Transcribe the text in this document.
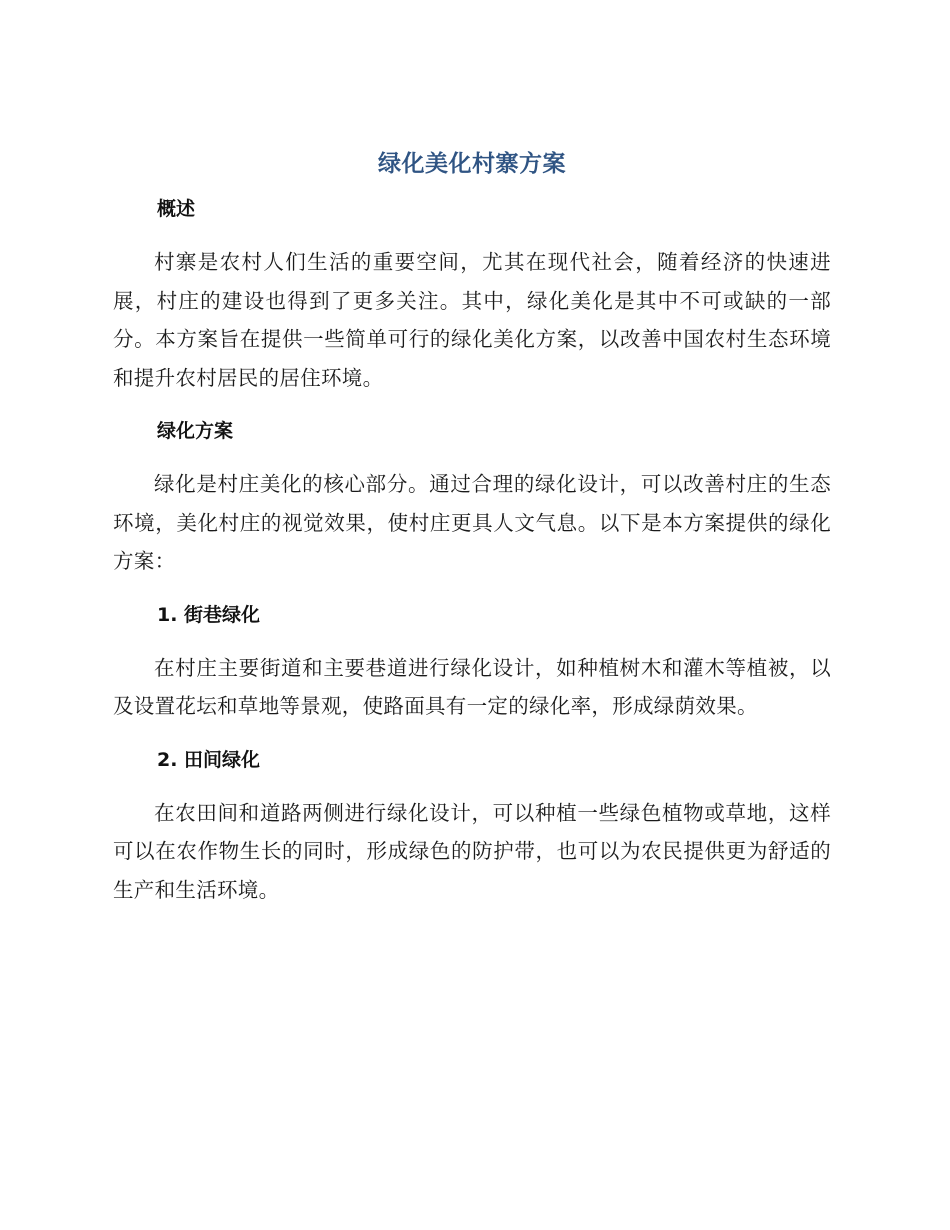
绿化美化村寨方案
概述

村寨是农村人们生活的重要空间，尤其在现代社会，随着经济的快速进展，村庄的建设也得到了更多关注。其中，绿化美化是其中不可或缺的一部分。本方案旨在提供一些简单可行的绿化美化方案，以改善中国农村生态环境和提升农村居民的居住环境。

绿化方案

绿化是村庄美化的核心部分。通过合理的绿化设计，可以改善村庄的生态环境，美化村庄的视觉效果，使村庄更具人文气息。以下是本方案提供的绿化方案：

1. 街巷绿化

在村庄主要街道和主要巷道进行绿化设计，如种植树木和灌木等植被，以及设置花坛和草地等景观，使路面具有一定的绿化率，形成绿荫效果。

2. 田间绿化

在农田间和道路两侧进行绿化设计，可以种植一些绿色植物或草地，这样可以在农作物生长的同时，形成绿色的防护带，也可以为农民提供更为舒适的生产和生活环境。
